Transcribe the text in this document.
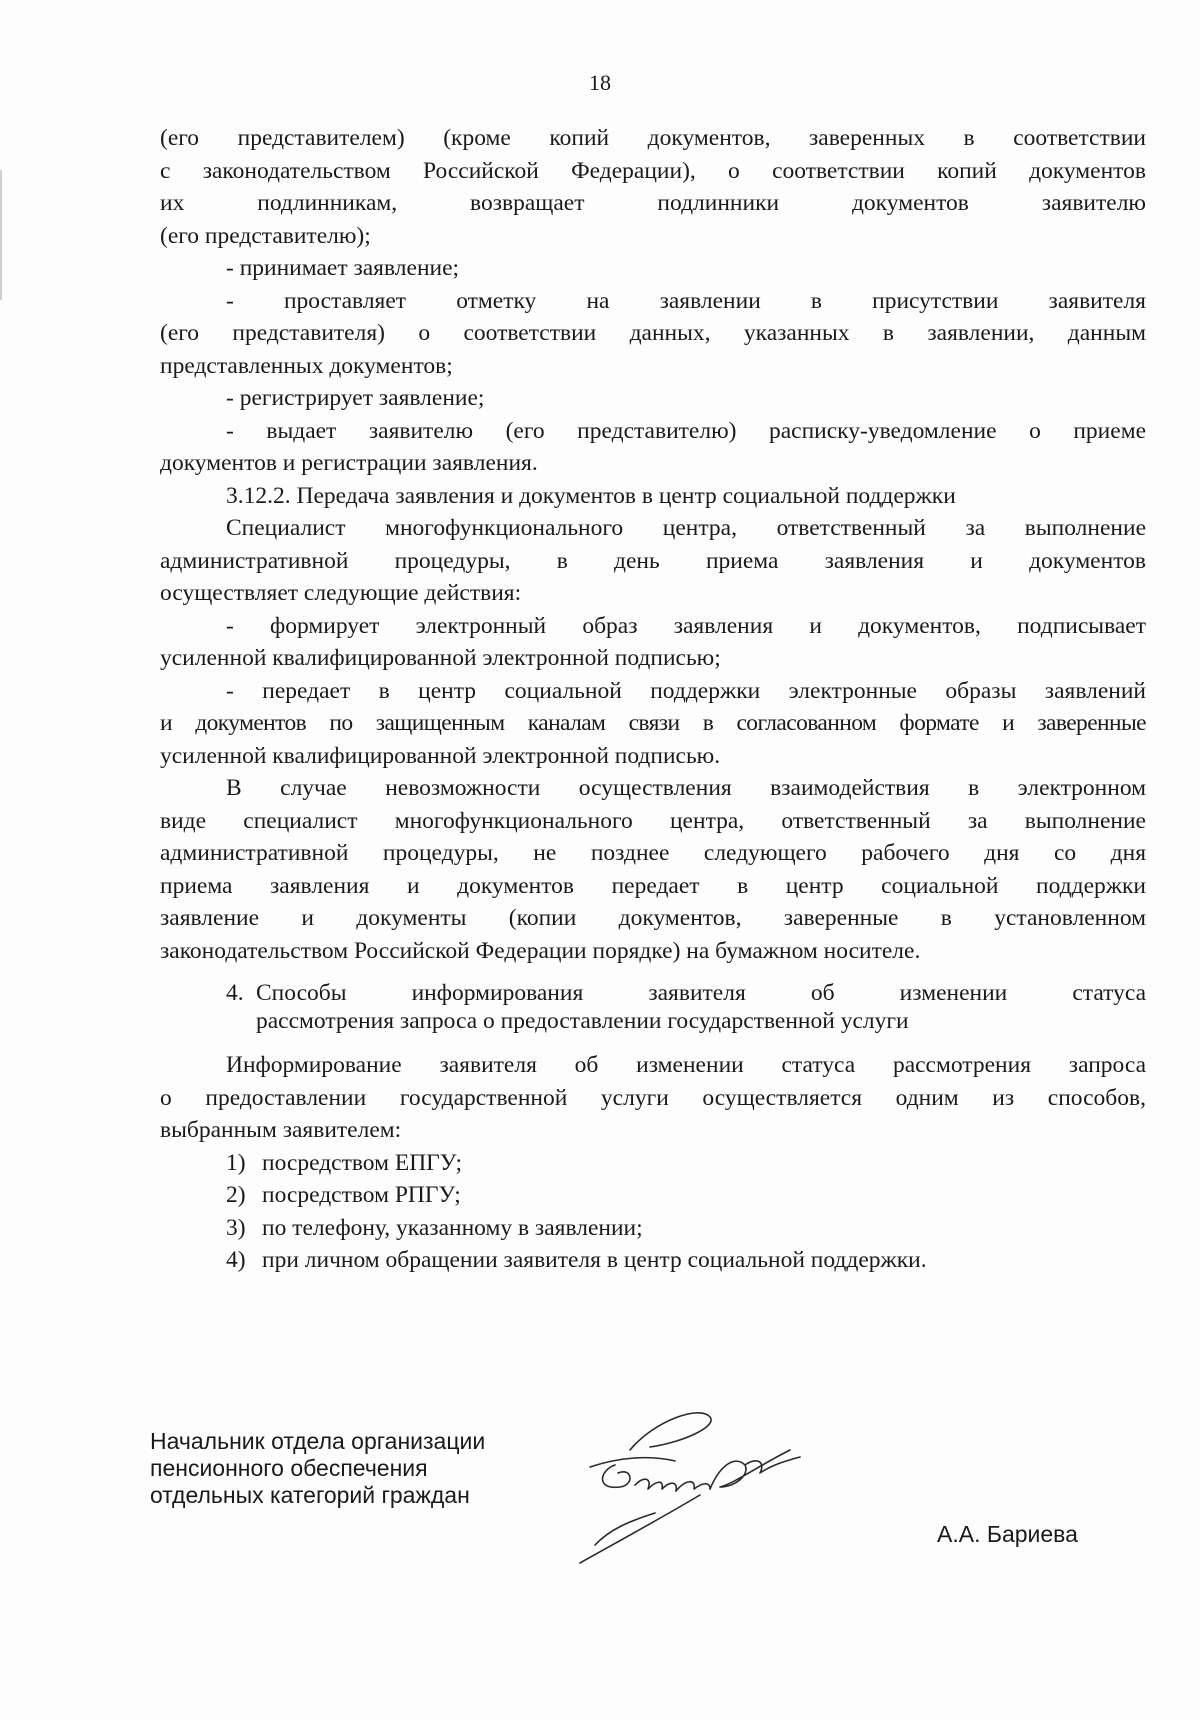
18

(его представителем) (кроме копий документов, заверенных в соответствии

с законодательством Российской Федерации), о соответствии копий документов

их подлинникам, возвращает подлинники документов заявителю

(его представителю);

- принимает заявление;

- проставляет отметку на заявлении в присутствии заявителя

(его представителя) о соответствии данных, указанных в заявлении, данным

представленных документов;

- регистрирует заявление;

- выдает заявителю (его представителю) расписку-уведомление о приеме

документов и регистрации заявления.

3.12.2. Передача заявления и документов в центр социальной поддержки

Специалист многофункционального центра, ответственный за выполнение

административной процедуры, в день приема заявления и документов

осуществляет следующие действия:

- формирует электронный образ заявления и документов, подписывает

усиленной квалифицированной электронной подписью;

- передает в центр социальной поддержки электронные образы заявлений

и документов по защищенным каналам связи в согласованном формате и заверенные

усиленной квалифицированной электронной подписью.

В случае невозможности осуществления взаимодействия в электронном

виде специалист многофункционального центра, ответственный за выполнение

административной процедуры, не позднее следующего рабочего дня со дня

приема заявления и документов передает в центр социальной поддержки

заявление и документы (копии документов, заверенные в установленном

законодательством Российской Федерации порядке) на бумажном носителе.

4. Способы информирования заявителя об изменении статуса
рассмотрения запроса о предоставлении государственной услуги

Информирование заявителя об изменении статуса рассмотрения запроса

о предоставлении государственной услуги осуществляется одним из способов,

выбранным заявителем:

1) посредством ЕПГУ;
2) посредством РПГУ;
3) по телефону, указанному в заявлении;
4) при личном обращении заявителя в центр социальной поддержки.

Начальник отдела организации

пенсионного обеспечения

отдельных категорий граждан

А.А. Бариева
